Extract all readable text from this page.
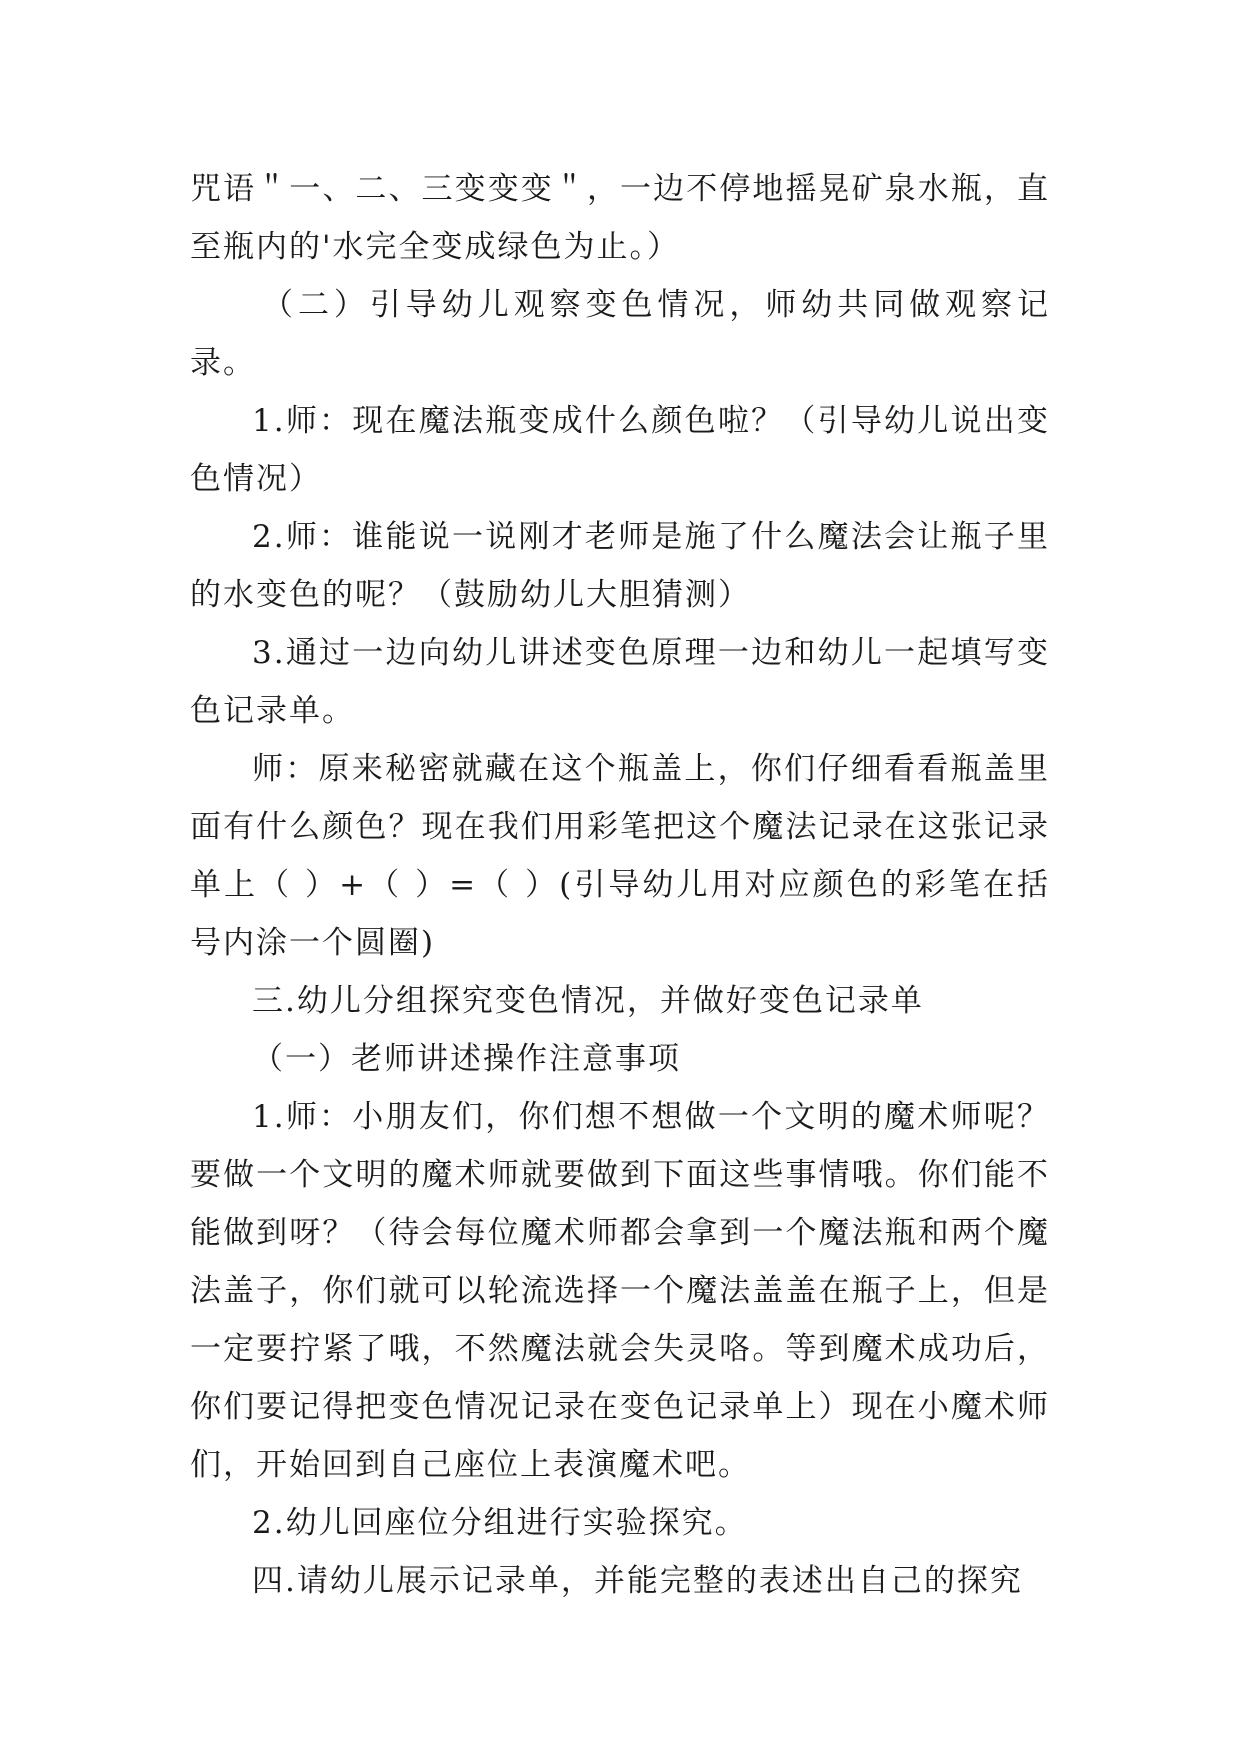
咒语＂一、二、三变变变＂，一边不停地摇晃矿泉水瓶，直至瓶内的'水完全变成绿色为止。）

（二）引导幼儿观察变色情况，师幼共同做观察记录。

1.师：现在魔法瓶变成什么颜色啦？（引导幼儿说出变色情况）

2.师：谁能说一说刚才老师是施了什么魔法会让瓶子里的水变色的呢？（鼓励幼儿大胆猜测）

3.通过一边向幼儿讲述变色原理一边和幼儿一起填写变色记录单。

师：原来秘密就藏在这个瓶盖上，你们仔细看看瓶盖里面有什么颜色？现在我们用彩笔把这个魔法记录在这张记录单上（ ）+（ ）=（ ）(引导幼儿用对应颜色的彩笔在括号内涂一个圆圈)

三.幼儿分组探究变色情况，并做好变色记录单

（一）老师讲述操作注意事项

1.师：小朋友们，你们想不想做一个文明的魔术师呢？要做一个文明的魔术师就要做到下面这些事情哦。你们能不能做到呀？（待会每位魔术师都会拿到一个魔法瓶和两个魔法盖子，你们就可以轮流选择一个魔法盖盖在瓶子上，但是一定要拧紧了哦，不然魔法就会失灵咯。等到魔术成功后，你们要记得把变色情况记录在变色记录单上）现在小魔术师们，开始回到自己座位上表演魔术吧。

2.幼儿回座位分组进行实验探究。

四.请幼儿展示记录单，并能完整的表述出自己的探究
